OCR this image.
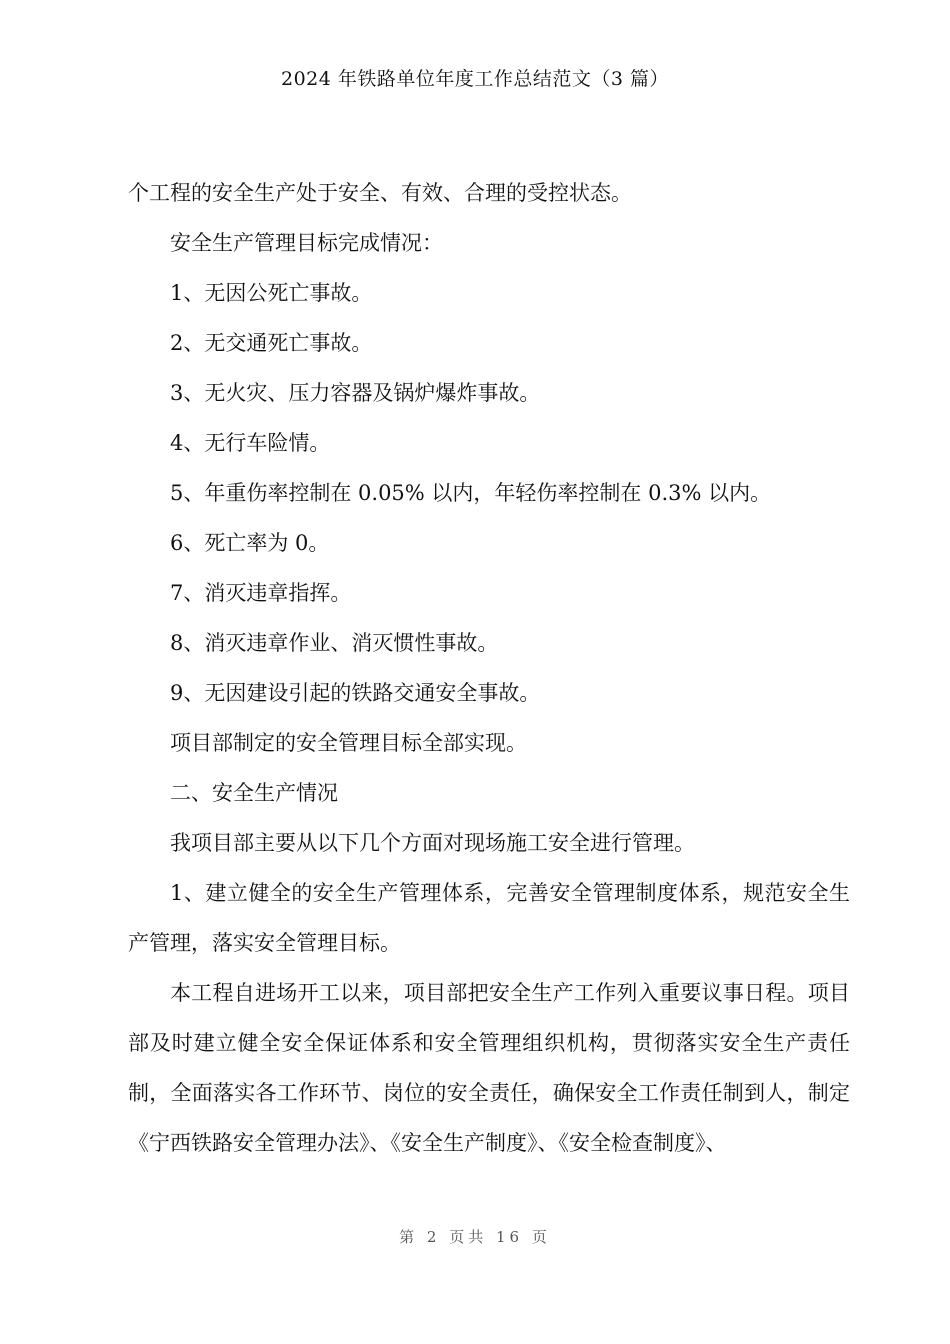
2024 年铁路单位年度工作总结范文（3 篇）

个工程的安全生产处于安全、有效、合理的受控状态。

安全生产管理目标完成情况：

1、无因公死亡事故。

2、无交通死亡事故。

3、无火灾、压力容器及锅炉爆炸事故。

4、无行车险情。

5、年重伤率控制在 0.05% 以内，年轻伤率控制在 0.3% 以内。

6、死亡率为 0。

7、消灭违章指挥。

8、消灭违章作业、消灭惯性事故。

9、无因建设引起的铁路交通安全事故。

项目部制定的安全管理目标全部实现。

二、安全生产情况

我项目部主要从以下几个方面对现场施工安全进行管理。

1、建立健全的安全生产管理体系，完善安全管理制度体系，规范安全生产管理，落实安全管理目标。

本工程自进场开工以来，项目部把安全生产工作列入重要议事日程。项目部及时建立健全安全保证体系和安全管理组织机构，贯彻落实安全生产责任制，全面落实各工作环节、岗位的安全责任，确保安全工作责任制到人，制定《宁西铁路安全管理办法》、《安全生产制度》、《安全检查制度》、

第 2 页共 16 页
